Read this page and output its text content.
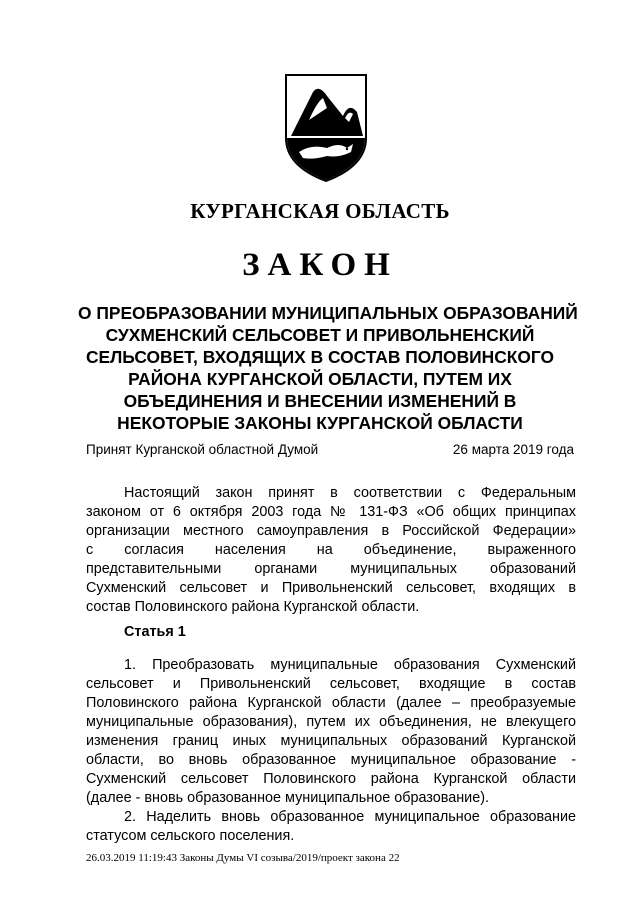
КУРГАНСКАЯ ОБЛАСТЬ
ЗАКОН
О ПРЕОБРАЗОВАНИИ МУНИЦИПАЛЬНЫХ ОБРАЗОВАНИЙ
СУХМЕНСКИЙ СЕЛЬСОВЕТ И ПРИВОЛЬНЕНСКИЙ
СЕЛЬСОВЕТ, ВХОДЯЩИХ В СОСТАВ ПОЛОВИНСКОГО
РАЙОНА КУРГАНСКОЙ ОБЛАСТИ, ПУТЕМ ИХ
ОБЪЕДИНЕНИЯ И ВНЕСЕНИИ ИЗМЕНЕНИЙ В
НЕКОТОРЫЕ ЗАКОНЫ КУРГАНСКОЙ ОБЛАСТИ
Принят Курганской областной Думой	26 марта 2019 года
Настоящий закон принят в соответствии с Федеральным
законом от 6 октября 2003 года № 131-ФЗ «Об общих принципах
организации местного самоуправления в Российской Федерации»
с согласия населения на объединение, выраженного
представительными органами муниципальных образований
Сухменский сельсовет и Привольненский сельсовет, входящих в
состав Половинского района Курганской области.
Статья 1
1. Преобразовать муниципальные образования Сухменский
сельсовет и Привольненский сельсовет, входящие в состав
Половинского района Курганской области (далее – преобразуемые
муниципальные образования), путем их объединения, не влекущего
изменения границ иных муниципальных образований Курганской
области, во вновь образованное муниципальное образование -
Сухменский сельсовет Половинского района Курганской области
(далее - вновь образованное муниципальное образование).
2. Наделить вновь образованное муниципальное образование
статусом сельского поселения.
26.03.2019 11:19:43 Законы Думы VI созыва/2019/проект закона 22
